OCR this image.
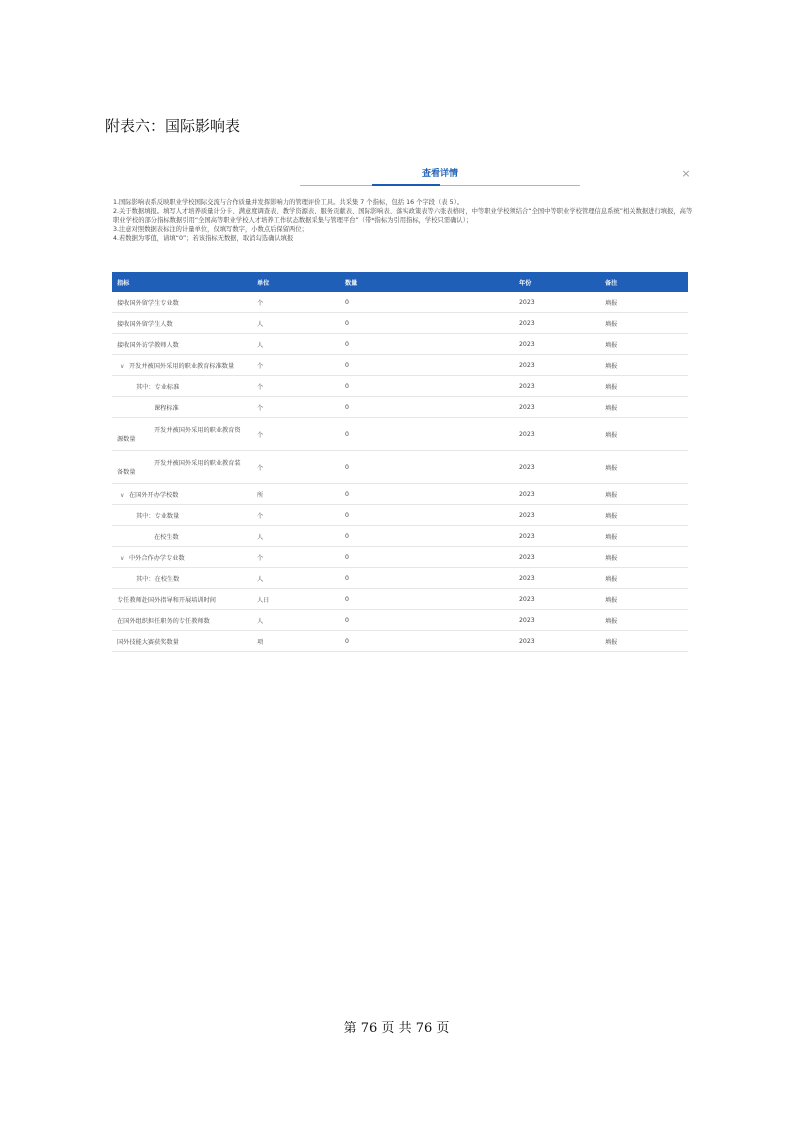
附表六：国际影响表
查看详情	×

1.国际影响表系反映职业学校国际交流与合作质量并发挥影响力的管理评价工具。共采集 7 个指标，包括 16 个字段（表 5）。

2.关于数据填报。填写人才培养质量计分卡、满意度调查表、教学资源表、服务贡献表、国际影响表、落实政策表等六张表格时，中等职业学校须结合“全国中等职业学校管理信息系统”相关数据进行填报，高等职业学校的部分指标数据引用“全国高等职业学校人才培养工作状态数据采集与管理平台”（带*指标为引用指标，学校只需确认）；

3.注意对照数据表标注的计量单位，仅填写数字，小数点后保留两位；

4.若数据为零值，请填“0”；若该指标无数据，取消勾选确认填报

指标	单位	数量	年份	备注
接收国外留学生专业数	个	0	2023	填报
接收国外留学生人数	人	0	2023	填报
接收国外访学教师人数	人	0	2023	填报
∨ 开发并被国外采用的职业教育标准数量	个	0	2023	填报
其中：专业标准	个	0	2023	填报
课程标准	个	0	2023	填报

开发并被国外采用的职业教育资
源数量	个	0	2023	填报

开发并被国外采用的职业教育装
备数量	个	0	2023	填报
∨ 在国外开办学校数	所	0	2023	填报
其中：专业数量	个	0	2023	填报
在校生数	人	0	2023	填报
∨ 中外合作办学专业数	个	0	2023	填报
其中：在校生数	人	0	2023	填报
专任教师赴国外指导和开展培训时间	人日	0	2023	填报
在国外组织担任职务的专任教师数	人	0	2023	填报
国外技能大赛获奖数量	项	0	2023	填报
第 76 页 共 76 页
